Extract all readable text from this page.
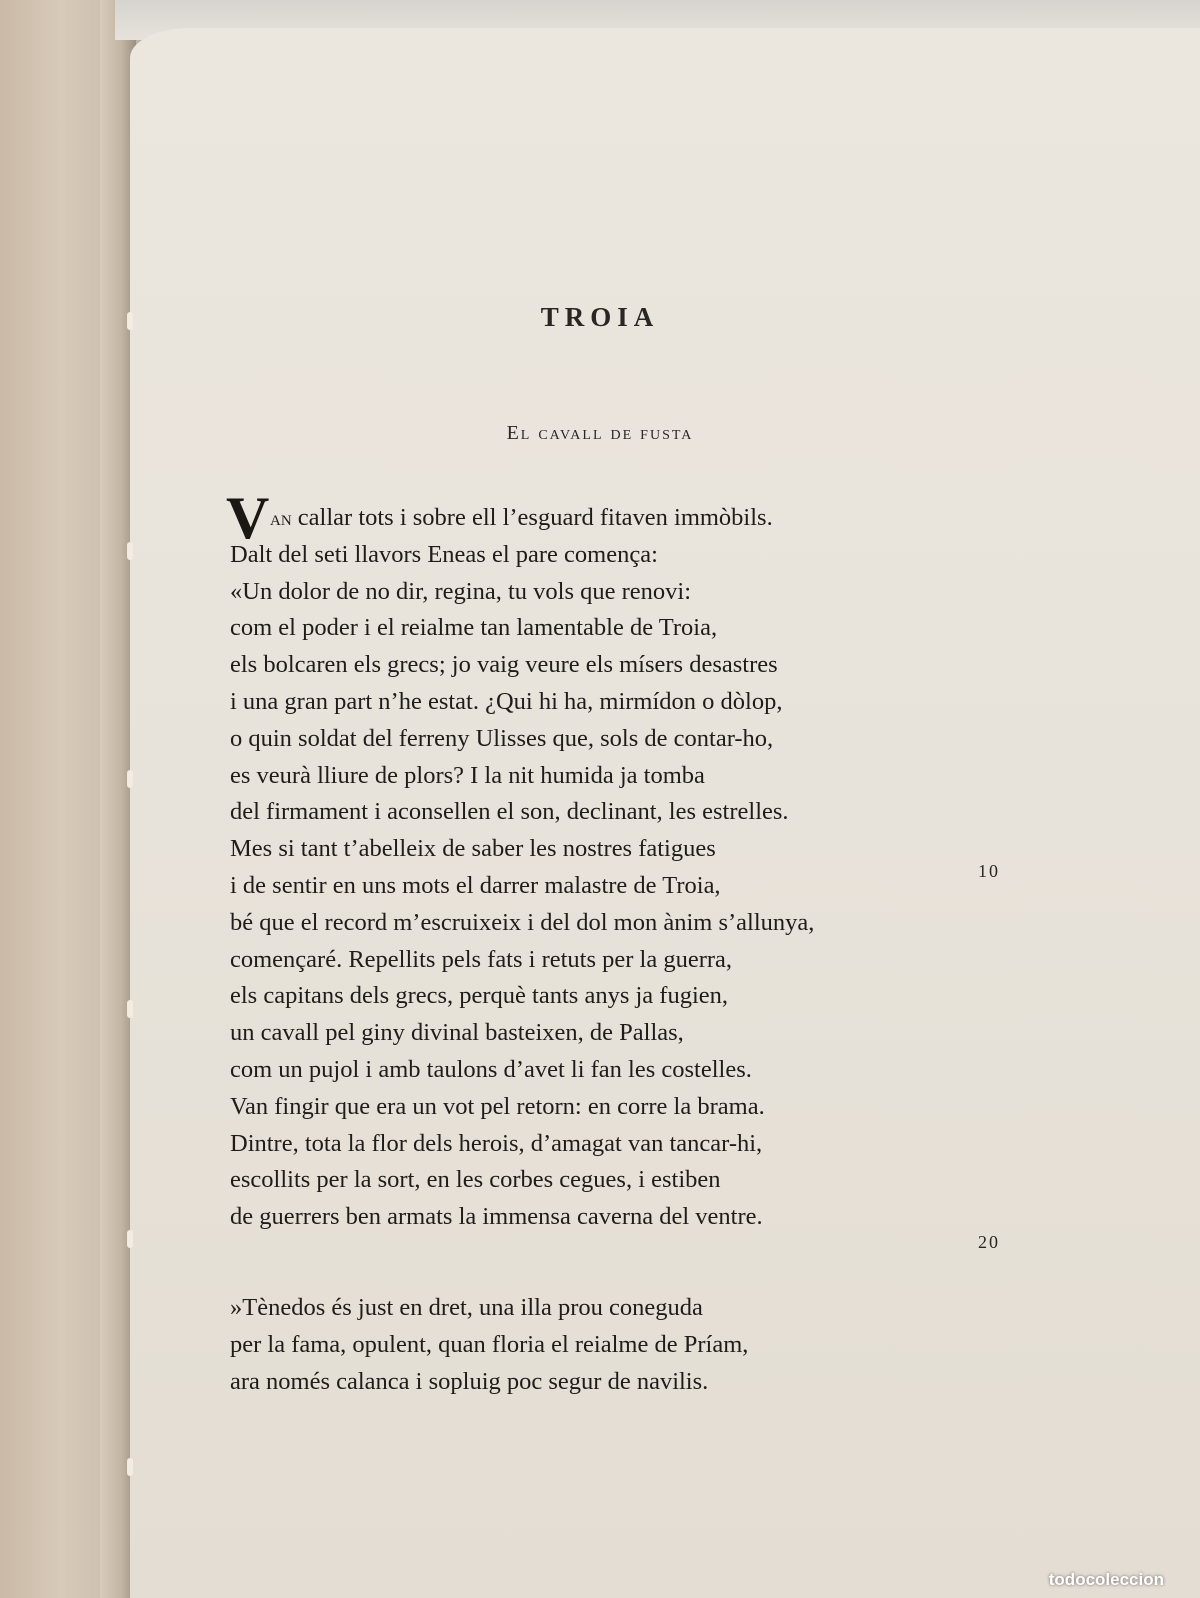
TROIA
El cavall de fusta
V an callar tots i sobre ell l’esguard fitaven immòbils.
Dalt del seti llavors Eneas el pare comença:
«Un dolor de no dir, regina, tu vols que renovi:
com el poder i el reialme tan lamentable de Troia,
els bolcaren els grecs; jo vaig veure els mísers desastres
i una gran part n’he estat. ¿Qui hi ha, mirmídon o dòlop,
o quin soldat del ferreny Ulisses que, sols de contar-ho,
es veurà lliure de plors? I la nit humida ja tomba
del firmament i aconsellen el son, declinant, les estrelles.
Mes si tant t’abelleix de saber les nostres fatigues
i de sentir en uns mots el darrer malastre de Troia,
bé que el record m’escruixeix i del dol mon ànim s’allunya,
començaré. Repellits pels fats i retuts per la guerra,
els capitans dels grecs, perquè tants anys ja fugien,
un cavall pel giny divinal basteixen, de Pallas,
com un pujol i amb taulons d’avet li fan les costelles.
Van fingir que era un vot pel retorn: en corre la brama.
Dintre, tota la flor dels herois, d’amagat van tancar-hi,
escollits per la sort, en les corbes cegues, i estiben
de guerrers ben armats la immensa caverna del ventre.
10
20
»Tènedos és just en dret, una illa prou coneguda
per la fama, opulent, quan floria el reialme de Príam,
ara només calanca i sopluig poc segur de navilis.
todocoleccion
